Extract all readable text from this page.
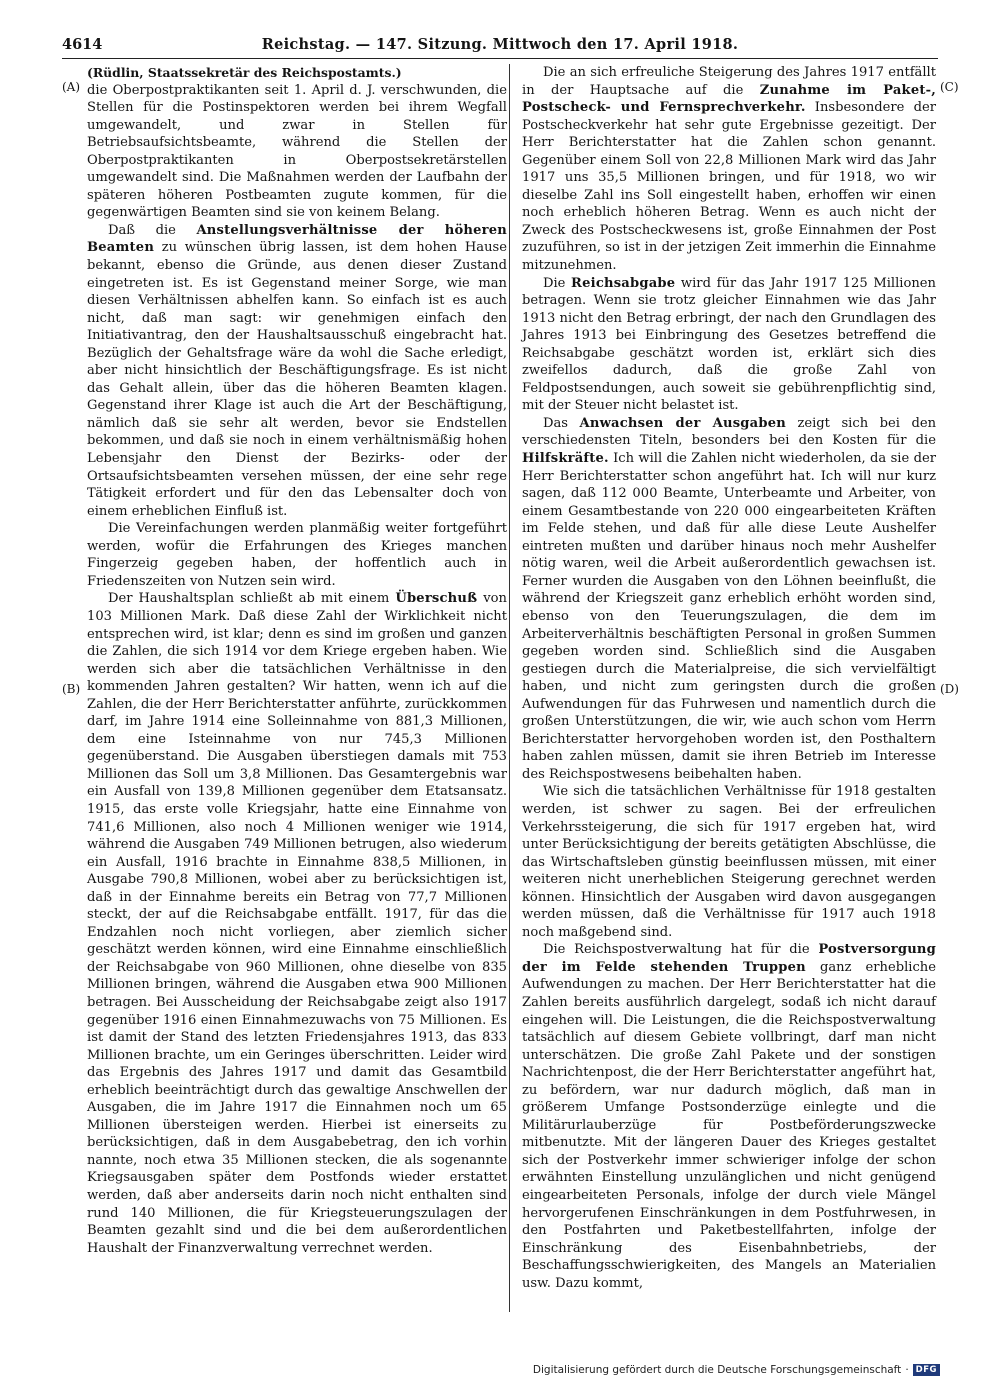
4614	Reichstag. — 147. Sitzung. Mittwoch den 17. April 1918.
(A)
(B)
(C)
(D)

(Rüdlin, Staatssekretär des Reichspostamts.)

die Oberpostpraktikanten seit 1. April d. J. verschwunden, die Stellen für die Postinspektoren werden bei ihrem Wegfall umgewandelt, und zwar in Stellen für Betriebsaufsichtsbeamte, während die Stellen der Oberpostpraktikanten in Oberpostsekretärstellen umgewandelt sind. Die Maßnahmen werden der Laufbahn der späteren höheren Postbeamten zugute kommen, für die gegenwärtigen Beamten sind sie von keinem Belang.

Daß die Anstellungsverhältnisse der höheren Beamten zu wünschen übrig lassen, ist dem hohen Hause bekannt, ebenso die Gründe, aus denen dieser Zustand eingetreten ist. Es ist Gegenstand meiner Sorge, wie man diesen Verhältnissen abhelfen kann. So einfach ist es auch nicht, daß man sagt: wir genehmigen einfach den Initiativantrag, den der Haushaltsausschuß eingebracht hat. Bezüglich der Gehaltsfrage wäre da wohl die Sache erledigt, aber nicht hinsichtlich der Beschäftigungsfrage. Es ist nicht das Gehalt allein, über das die höheren Beamten klagen. Gegenstand ihrer Klage ist auch die Art der Beschäftigung, nämlich daß sie sehr alt werden, bevor sie Endstellen bekommen, und daß sie noch in einem verhältnismäßig hohen Lebensjahr den Dienst der Bezirks- oder der Ortsaufsichtsbeamten versehen müssen, der eine sehr rege Tätigkeit erfordert und für den das Lebensalter doch von einem erheblichen Einfluß ist.

Die Vereinfachungen werden planmäßig weiter fortgeführt werden, wofür die Erfahrungen des Krieges manchen Fingerzeig gegeben haben, der hoffentlich auch in Friedenszeiten von Nutzen sein wird.

Der Haushaltsplan schließt ab mit einem Überschuß von 103 Millionen Mark. Daß diese Zahl der Wirklichkeit nicht entsprechen wird, ist klar; denn es sind im großen und ganzen die Zahlen, die sich 1914 vor dem Kriege ergeben haben. Wie werden sich aber die tatsächlichen Verhältnisse in den kommenden Jahren gestalten? Wir hatten, wenn ich auf die Zahlen, die der Herr Berichterstatter anführte, zurückkommen darf, im Jahre 1914 eine Solleinnahme von 881,3 Millionen, dem eine Isteinnahme von nur 745,3 Millionen gegenüberstand. Die Ausgaben überstiegen damals mit 753 Millionen das Soll um 3,8 Millionen. Das Gesamtergebnis war ein Ausfall von 139,8 Millionen gegenüber dem Etatsansatz. 1915, das erste volle Kriegsjahr, hatte eine Einnahme von 741,6 Millionen, also noch 4 Millionen weniger wie 1914, während die Ausgaben 749 Millionen betrugen, also wiederum ein Ausfall, 1916 brachte in Einnahme 838,5 Millionen, in Ausgabe 790,8 Millionen, wobei aber zu berücksichtigen ist, daß in der Einnahme bereits ein Betrag von 77,7 Millionen steckt, der auf die Reichsabgabe entfällt. 1917, für das die Endzahlen noch nicht vorliegen, aber ziemlich sicher geschätzt werden können, wird eine Einnahme einschließlich der Reichsabgabe von 960 Millionen, ohne dieselbe von 835 Millionen bringen, während die Ausgaben etwa 900 Millionen betragen. Bei Ausscheidung der Reichsabgabe zeigt also 1917 gegenüber 1916 einen Einnahmezuwachs von 75 Millionen. Es ist damit der Stand des letzten Friedensjahres 1913, das 833 Millionen brachte, um ein Geringes überschritten. Leider wird das Ergebnis des Jahres 1917 und damit das Gesamtbild erheblich beeinträchtigt durch das gewaltige Anschwellen der Ausgaben, die im Jahre 1917 die Einnahmen noch um 65 Millionen übersteigen werden. Hierbei ist einerseits zu berücksichtigen, daß in dem Ausgabebetrag, den ich vorhin nannte, noch etwa 35 Millionen stecken, die als sogenannte Kriegsausgaben später dem Postfonds wieder erstattet werden, daß aber anderseits darin noch nicht enthalten sind rund 140 Millionen, die für Kriegsteuerungszulagen der Beamten gezahlt sind und die bei dem außerordentlichen Haushalt der Finanzverwaltung verrechnet werden.

Die an sich erfreuliche Steigerung des Jahres 1917 entfällt in der Hauptsache auf die Zunahme im Paket-, Postscheck- und Fernsprechverkehr. Insbesondere der Postscheckverkehr hat sehr gute Ergebnisse gezeitigt. Der Herr Berichterstatter hat die Zahlen schon genannt. Gegenüber einem Soll von 22,8 Millionen Mark wird das Jahr 1917 uns 35,5 Millionen bringen, und für 1918, wo wir dieselbe Zahl ins Soll eingestellt haben, erhoffen wir einen noch erheblich höheren Betrag. Wenn es auch nicht der Zweck des Postscheckwesens ist, große Einnahmen der Post zuzuführen, so ist in der jetzigen Zeit immerhin die Einnahme mitzunehmen.

Die Reichsabgabe wird für das Jahr 1917 125 Millionen betragen. Wenn sie trotz gleicher Einnahmen wie das Jahr 1913 nicht den Betrag erbringt, der nach den Grundlagen des Jahres 1913 bei Einbringung des Gesetzes betreffend die Reichsabgabe geschätzt worden ist, erklärt sich dies zweifellos dadurch, daß die große Zahl von Feldpostsendungen, auch soweit sie gebührenpflichtig sind, mit der Steuer nicht belastet ist.

Das Anwachsen der Ausgaben zeigt sich bei den verschiedensten Titeln, besonders bei den Kosten für die Hilfskräfte. Ich will die Zahlen nicht wiederholen, da sie der Herr Berichterstatter schon angeführt hat. Ich will nur kurz sagen, daß 112 000 Beamte, Unterbeamte und Arbeiter, von einem Gesamtbestande von 220 000 eingearbeiteten Kräften im Felde stehen, und daß für alle diese Leute Aushelfer eintreten mußten und darüber hinaus noch mehr Aushelfer nötig waren, weil die Arbeit außerordentlich gewachsen ist. Ferner wurden die Ausgaben von den Löhnen beeinflußt, die während der Kriegszeit ganz erheblich erhöht worden sind, ebenso von den Teuerungszulagen, die dem im Arbeiterverhältnis beschäftigten Personal in großen Summen gegeben worden sind. Schließlich sind die Ausgaben gestiegen durch die Materialpreise, die sich vervielfältigt haben, und nicht zum geringsten durch die großen Aufwendungen für das Fuhrwesen und namentlich durch die großen Unterstützungen, die wir, wie auch schon vom Herrn Berichterstatter hervorgehoben worden ist, den Posthaltern haben zahlen müssen, damit sie ihren Betrieb im Interesse des Reichspostwesens beibehalten haben.

Wie sich die tatsächlichen Verhältnisse für 1918 gestalten werden, ist schwer zu sagen. Bei der erfreulichen Verkehrssteigerung, die sich für 1917 ergeben hat, wird unter Berücksichtigung der bereits getätigten Abschlüsse, die das Wirtschaftsleben günstig beeinflussen müssen, mit einer weiteren nicht unerheblichen Steigerung gerechnet werden können. Hinsichtlich der Ausgaben wird davon ausgegangen werden müssen, daß die Verhältnisse für 1917 auch 1918 noch maßgebend sind.

Die Reichspostverwaltung hat für die Postversorgung der im Felde stehenden Truppen ganz erhebliche Aufwendungen zu machen. Der Herr Berichterstatter hat die Zahlen bereits ausführlich dargelegt, sodaß ich nicht darauf eingehen will. Die Leistungen, die die Reichspostverwaltung tatsächlich auf diesem Gebiete vollbringt, darf man nicht unterschätzen. Die große Zahl Pakete und der sonstigen Nachrichtenpost, die der Herr Berichterstatter angeführt hat, zu befördern, war nur dadurch möglich, daß man in größerem Umfange Postsonderzüge einlegte und die Militärurlauberzüge für Postbeförderungszwecke mitbenutzte. Mit der längeren Dauer des Krieges gestaltet sich der Postverkehr immer schwieriger infolge der schon erwähnten Einstellung unzulänglichen und nicht genügend eingearbeiteten Personals, infolge der durch viele Mängel hervorgerufenen Einschränkungen in dem Postfuhrwesen, in den Postfahrten und Paketbestellfahrten, infolge der Einschränkung des Eisenbahnbetriebs, der Beschaffungsschwierigkeiten, des Mangels an Materialien usw. Dazu kommt,

Digitalisierung gefördert durch die Deutsche Forschungsgemeinschaft · DFG
